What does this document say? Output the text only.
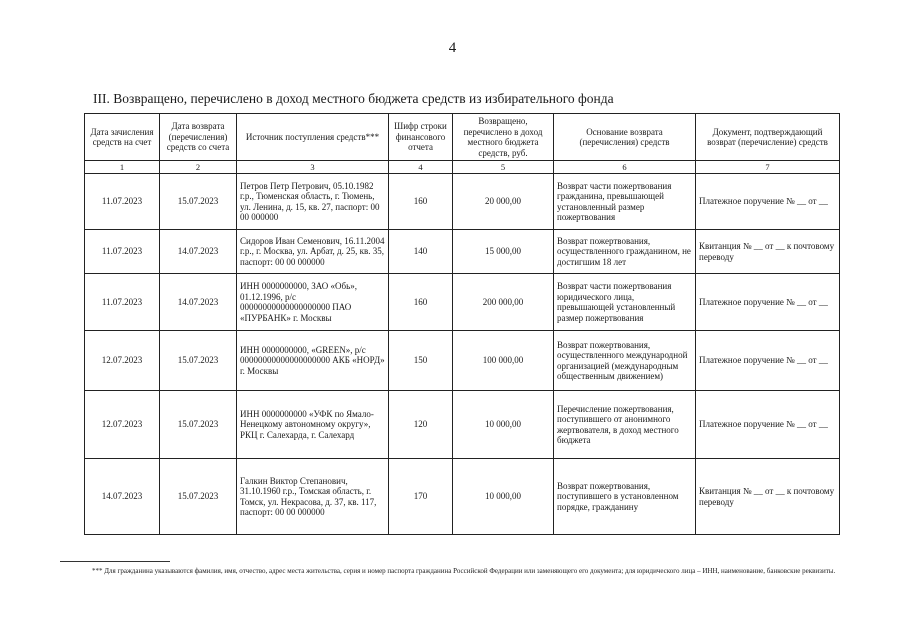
4
III. Возвращено, перечислено в доход местного бюджета средств из избирательного фонда
Дата зачисления средств на счет	Дата возврата (перечисления) средств со счета	Источник поступления средств***	Шифр строки финансового отчета	Возвращено, перечислено в доход местного бюджета средств, руб.	Основание возврата (перечисления) средств	Документ, подтверждающий возврат (перечисление) средств
1	2	3	4	5	6	7
11.07.2023	15.07.2023	Петров Петр Петрович, 05.10.1982 г.р., Тюменская область, г. Тюмень, ул. Ленина, д. 15, кв. 27, паспорт: 00 00 000000	160	20 000,00	Возврат части пожертвования гражданина, превышающей установленный размер пожертвования	Платежное поручение № __ от __
11.07.2023	14.07.2023	Сидоров Иван Семенович, 16.11.2004 г.р., г. Москва, ул. Арбат, д. 25, кв. 35, паспорт: 00 00 000000	140	15 000,00	Возврат пожертвования, осуществленного гражданином, не достигшим 18 лет	Квитанция № __ от __ к почтовому переводу
11.07.2023	14.07.2023	ИНН 0000000000, ЗАО «Обь», 01.12.1996, р/с 00000000000000000000 ПАО «ПУРБАНК» г. Москвы	160	200 000,00	Возврат части пожертвования юридического лица, превышающей установленный размер пожертвования	Платежное поручение № __ от __
12.07.2023	15.07.2023	ИНН 0000000000, «GREEN», р/с 00000000000000000000 АКБ «НОРД» г. Москвы	150	100 000,00	Возврат пожертвования, осуществленного международной организацией (международным общественным движением)	Платежное поручение № __ от __
12.07.2023	15.07.2023	ИНН 0000000000 «УФК по Ямало-Ненецкому автономному округу», РКЦ г. Салехарда, г. Салехард	120	10 000,00	Перечисление пожертвования, поступившего от анонимного жертвователя, в доход местного бюджета	Платежное поручение № __ от __
14.07.2023	15.07.2023	Галкин Виктор Степанович, 31.10.1960 г.р., Томская область, г. Томск, ул. Некрасова, д. 37, кв. 117, паспорт: 00 00 000000	170	10 000,00	Возврат пожертвования, поступившего в установленном порядке, гражданину	Квитанция № __ от __ к почтовому переводу
*** Для гражданина указываются фамилия, имя, отчество, адрес места жительства, серия и номер паспорта гражданина Российской Федерации или заменяющего его документа; для юридического лица – ИНН, наименование, банковские реквизиты.
